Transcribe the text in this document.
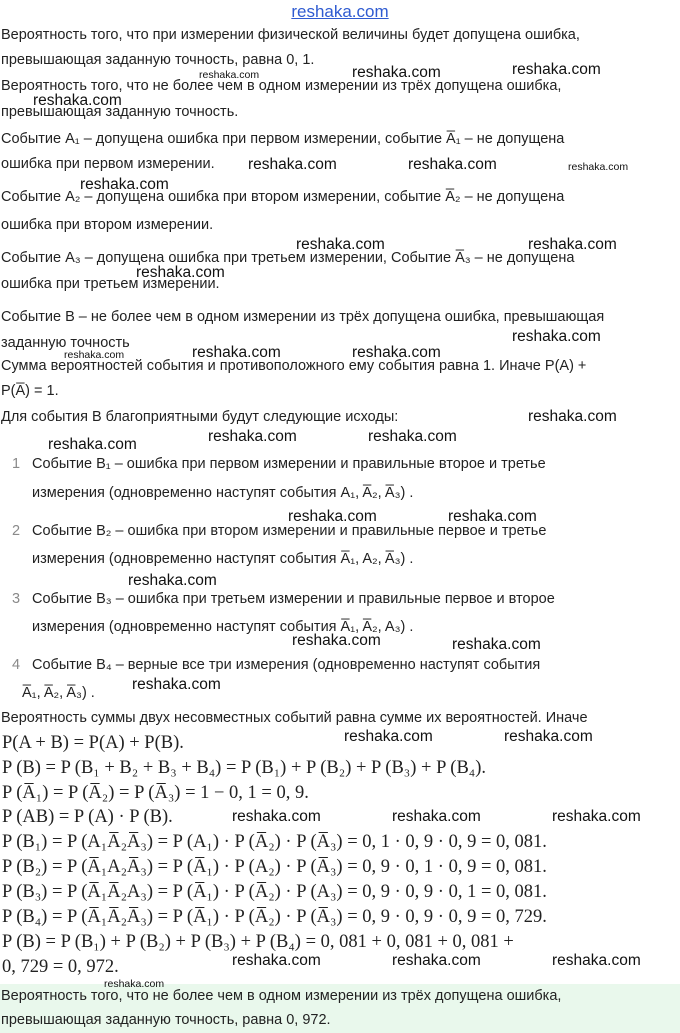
reshaka.com
Вероятность того, что при измерении физической величины будет допущена ошибка,
превышающая заданную точность, равна 0, 1.
Вероятность того, что не более чем в одном измерении из трёх допущена ошибка,
превышающая заданную точность.
Событие A₁ – допущена ошибка при первом измерении, событие A̅₁ – не допущена
ошибка при первом измерении.
Событие A₂ – допущена ошибка при втором измерении, событие A̅₂ – не допущена
ошибка при втором измерении.
Событие A₃ – допущена ошибка при третьем измерении, Событие A̅₃ – не допущена
ошибка при третьем измерении.
Событие B – не более чем в одном измерении из трёх допущена ошибка, превышающая
заданную точность
Сумма вероятностей события и противоположного ему события равна 1. Иначе P(A) +
P(A̅) = 1.
Для события B благоприятными будут следующие исходы:
1 Событие B₁ – ошибка при первом измерении и правильные второе и третье
измерения (одновременно наступят события A₁, A̅₂, A̅₃) .
2 Событие B₂ – ошибка при втором измерении и правильные первое и третье
измерения (одновременно наступят события A̅₁, A₂, A̅₃) .
3 Событие B₃ – ошибка при третьем измерении и правильные первое и второе
измерения (одновременно наступят события A̅₁, A̅₂, A₃) .
4 Событие B₄ – верные все три измерения (одновременно наступят события
A̅₁, A̅₂, A̅₃) .
Вероятность суммы двух несовместных событий равна сумме их вероятностей. Иначе
P(A + B) = P(A) + P(B).
P (B) = P (B₁ + B₂ + B₃ + B₄) = P (B₁) + P (B₂) + P (B₃) + P (B₄).
P (A̅₁) = P (A̅₂) = P (A̅₃) = 1 − 0, 1 = 0, 9.
P (AB) = P (A) · P (B).
P (B₁) = P (A₁A̅₂A̅₃) = P (A₁) · P (A̅₂) · P (A̅₃) = 0, 1 · 0, 9 · 0, 9 = 0, 081.
P (B₂) = P (A̅₁A₂A̅₃) = P (A̅₁) · P (A₂) · P (A̅₃) = 0, 9 · 0, 1 · 0, 9 = 0, 081.
P (B₃) = P (A̅₁A̅₂A₃) = P (A̅₁) · P (A̅₂) · P (A₃) = 0, 9 · 0, 9 · 0, 1 = 0, 081.
P (B₄) = P (A̅₁A̅₂A̅₃) = P (A̅₁) · P (A̅₂) · P (A̅₃) = 0, 9 · 0, 9 · 0, 9 = 0, 729.
P (B) = P (B₁) + P (B₂) + P (B₃) + P (B₄) = 0, 081 + 0, 081 + 0, 081 +
0, 729 = 0, 972.
Вероятность того, что не более чем в одном измерении из трёх допущена ошибка,
превышающая заданную точность, равна 0, 972.
reshaka.com	reshaka.com	reshaka.com
reshaka.com
reshaka.com	reshaka.com	reshaka.com
reshaka.com
reshaka.com	reshaka.com
reshaka.com
reshaka.com
reshaka.com	reshaka.com	reshaka.com
reshaka.com
reshaka.com	reshaka.com	reshaka.com
reshaka.com	reshaka.com
reshaka.com
reshaka.com	reshaka.com
reshaka.com
reshaka.com	reshaka.com
reshaka.com	reshaka.com	reshaka.com
reshaka.com	reshaka.com	reshaka.com
reshaka.com
